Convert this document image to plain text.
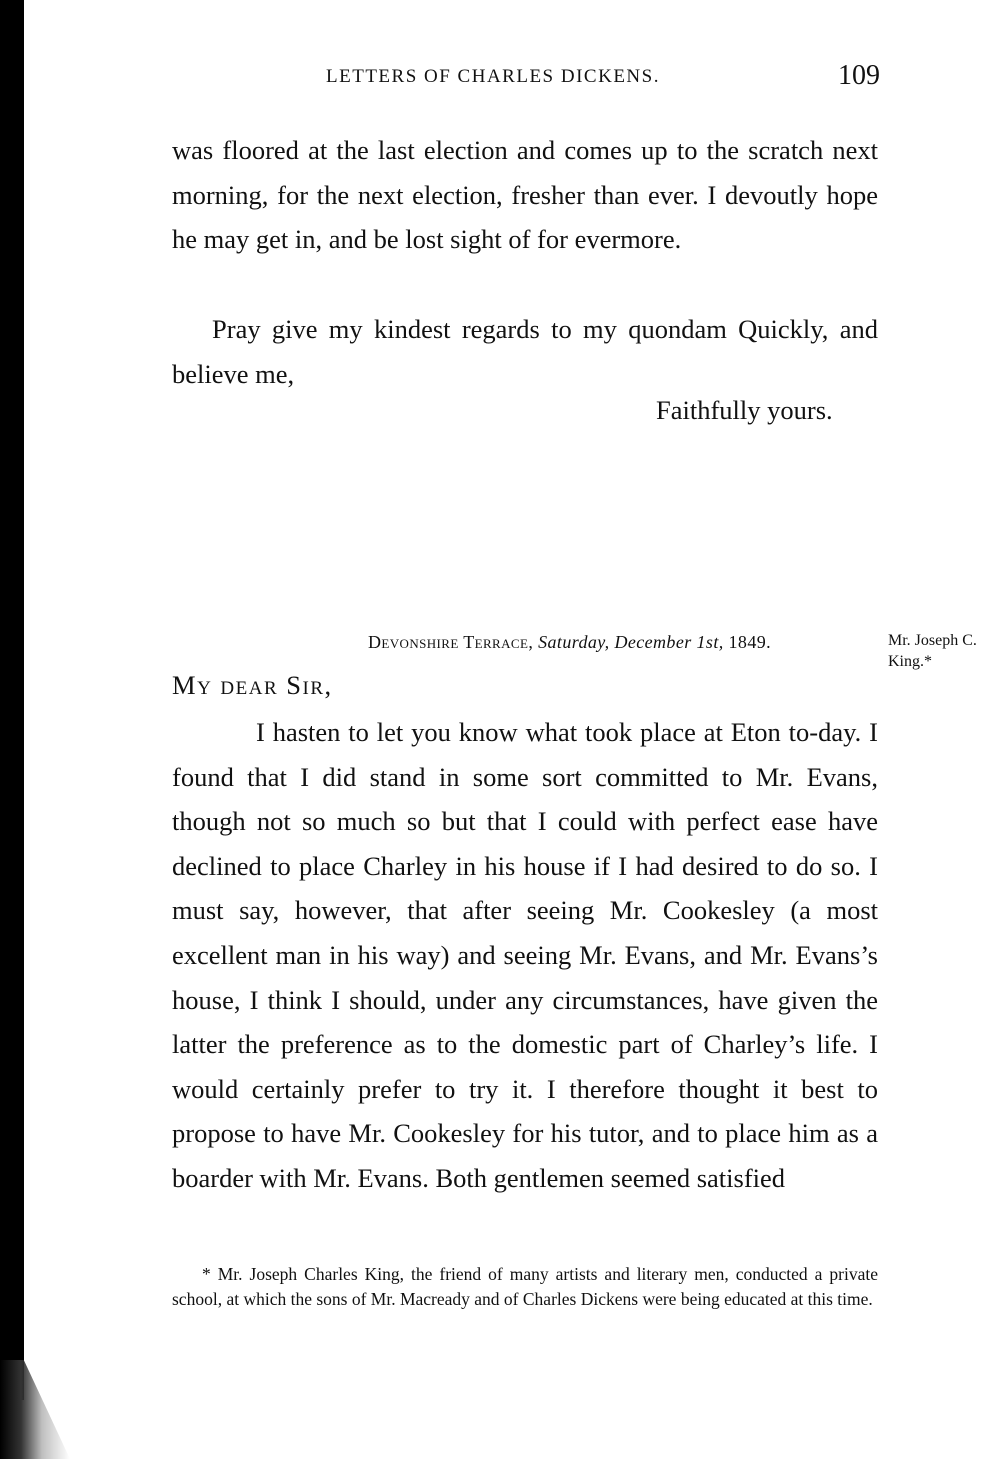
LETTERS OF CHARLES DICKENS.	109

was floored at the last election and comes up to the scratch next morning, for the next election, fresher than ever. I devoutly hope he may get in, and be lost sight of for evermore.

Pray give my kindest regards to my quondam Quickly, and believe me,

Faithfully yours.
Devonshire Terrace, Saturday, December 1st, 1849.	Mr. Joseph C. King.*
My dear Sir,

I hasten to let you know what took place at Eton to-day. I found that I did stand in some sort committed to Mr. Evans, though not so much so but that I could with perfect ease have declined to place Charley in his house if I had desired to do so. I must say, however, that after seeing Mr. Cookesley (a most excellent man in his way) and seeing Mr. Evans, and Mr. Evans’s house, I think I should, under any circumstances, have given the latter the preference as to the domestic part of Charley’s life. I would certainly prefer to try it. I therefore thought it best to propose to have Mr. Cookesley for his tutor, and to place him as a boarder with Mr. Evans. Both gentlemen seemed satisfied

* Mr. Joseph Charles King, the friend of many artists and literary men, conducted a private school, at which the sons of Mr. Macready and of Charles Dickens were being educated at this time.
